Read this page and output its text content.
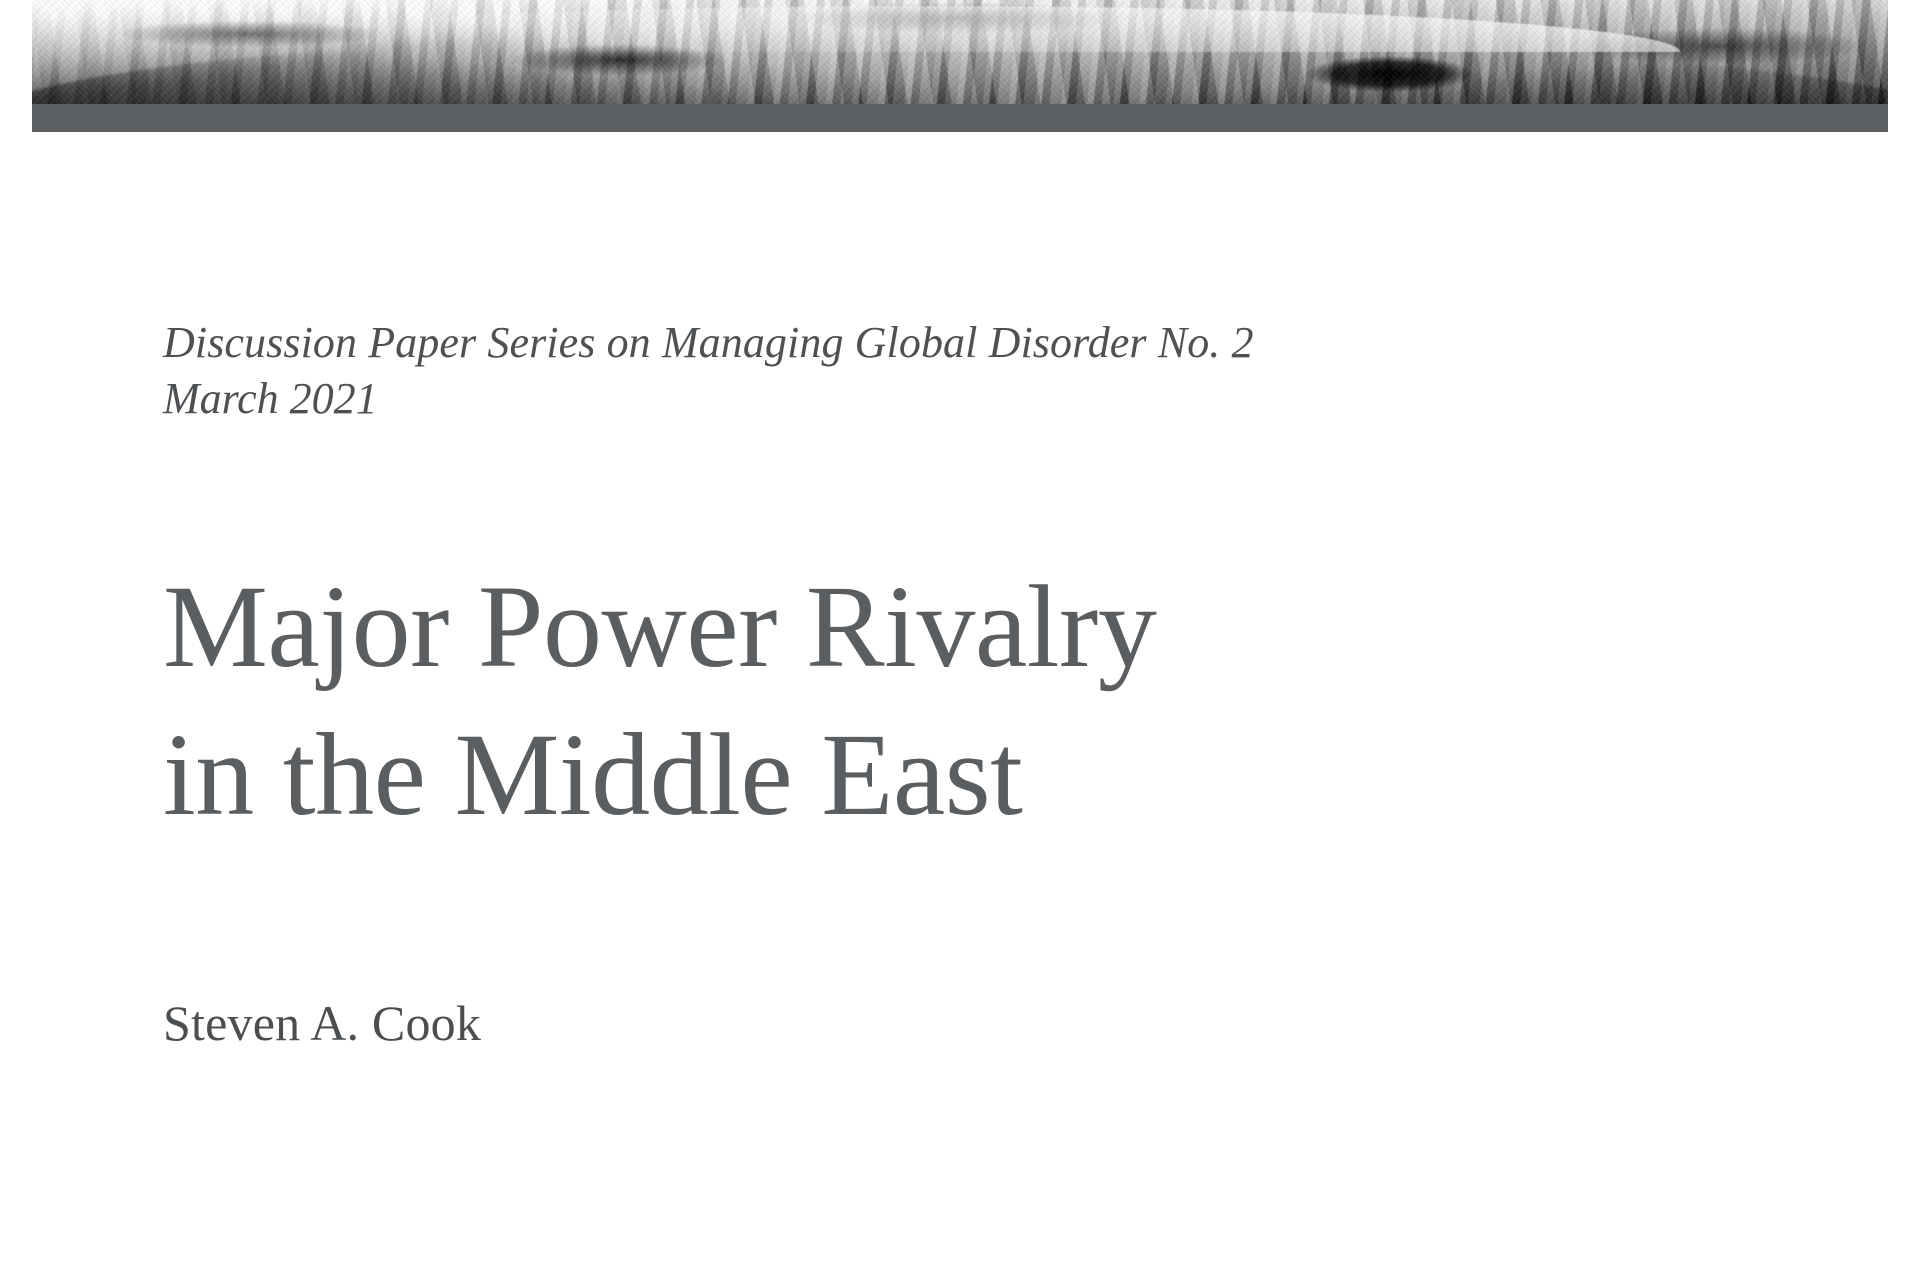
Discussion Paper Series on Managing Global Disorder No. 2
March 2021
Major Power Rivalry
in the Middle East
Steven A. Cook
